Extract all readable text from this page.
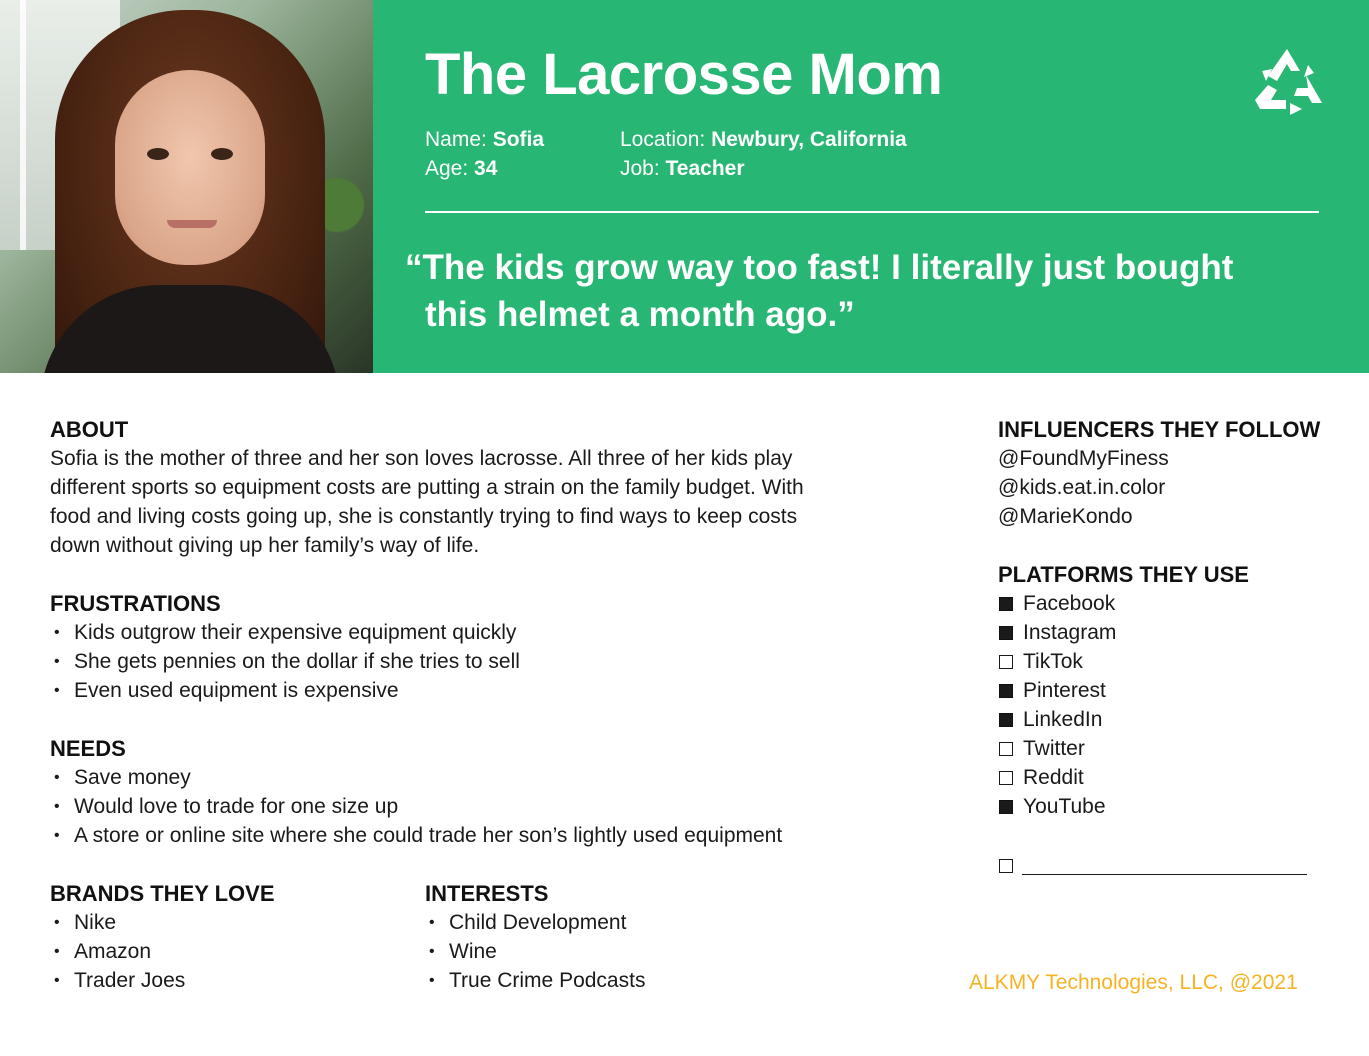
The Lacrosse Mom
Name: Sofia
Age: 34
Location: Newbury, California
Job: Teacher
“The kids grow way too fast! I literally just bought
this helmet a month ago.”
ABOUT
Sofia is the mother of three and her son loves lacrosse. All three of her kids play
different sports so equipment costs are putting a strain on the family budget. With
food and living costs going up, she is constantly trying to find ways to keep costs
down without giving up her family’s way of life.
FRUSTRATIONS
• Kids outgrow their expensive equipment quickly
• She gets pennies on the dollar if she tries to sell
• Even used equipment is expensive
NEEDS
• Save money
• Would love to trade for one size up
• A store or online site where she could trade her son’s lightly used equipment
BRANDS THEY LOVE
• Nike
• Amazon
• Trader Joes
INTERESTS
• Child Development
• Wine
• True Crime Podcasts
INFLUENCERS THEY FOLLOW
@FoundMyFiness
@kids.eat.in.color
@MarieKondo
PLATFORMS THEY USE
Facebook
Instagram
TikTok
Pinterest
LinkedIn
Twitter
Reddit
YouTube
ALKMY Technologies, LLC, @2021
